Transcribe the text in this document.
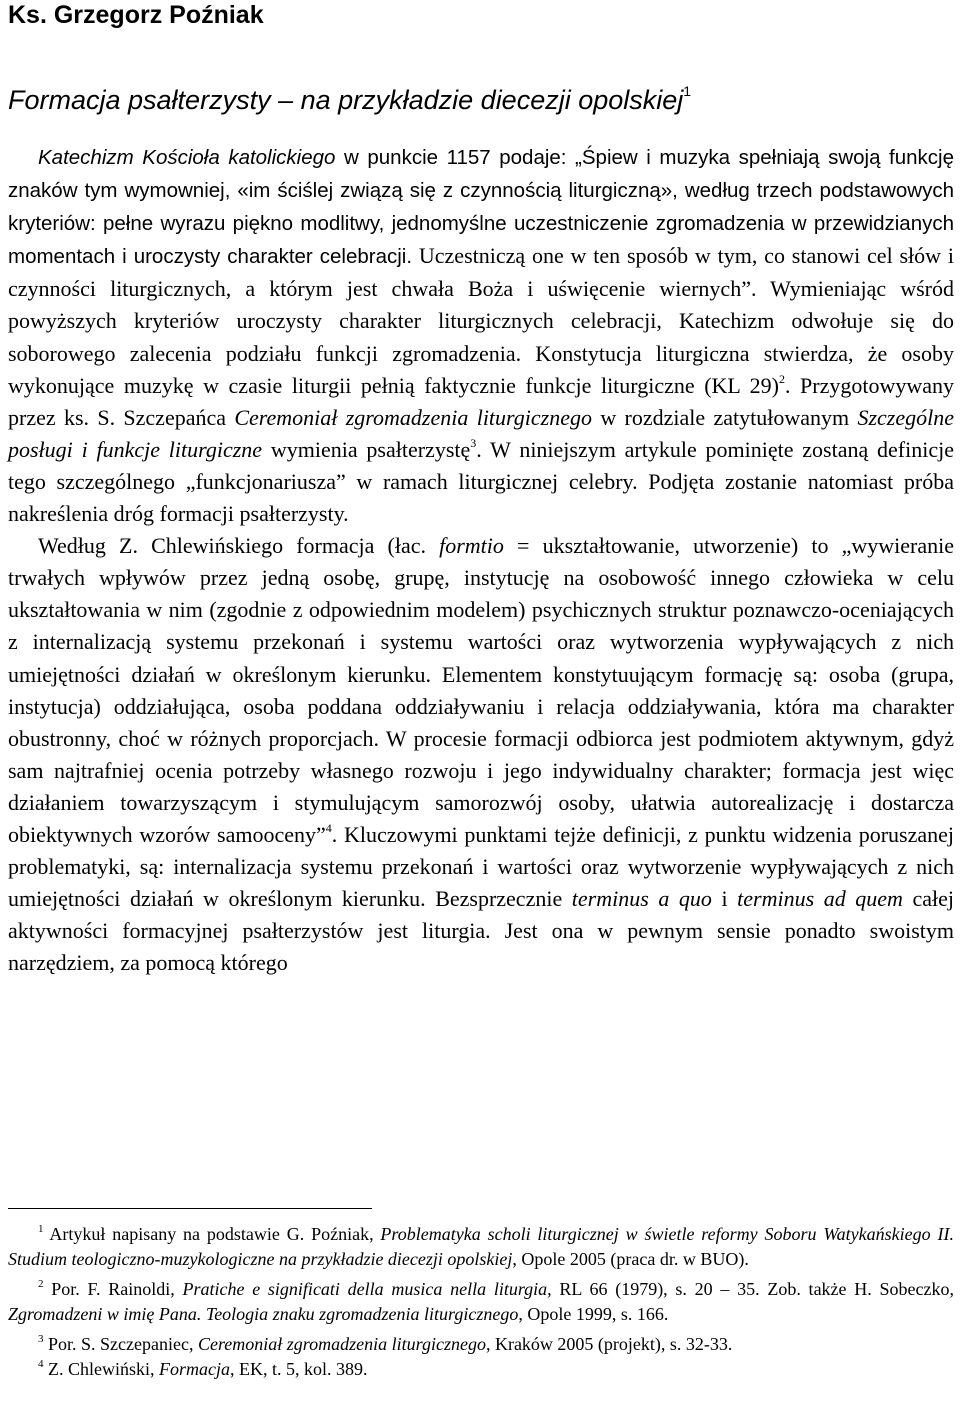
Ks. Grzegorz Poźniak
Formacja psałterzysty – na przykładzie diecezji opolskiej$^1$

Katechizm Kościoła katolickiego w punkcie 1157 podaje: „Śpiew i muzyka spełniają swoją funkcję znaków tym wymowniej, «im ściślej związą się z czynnością liturgiczną», według trzech podstawowych kryteriów: pełne wyrazu piękno modlitwy, jednomyślne uczestniczenie zgromadzenia w przewidzianych momentach i uroczysty charakter celebracji. Uczestniczą one w ten sposób w tym, co stanowi cel słów i czynności liturgicznych, a którym jest chwała Boża i uświęcenie wiernych”. Wymieniając wśród powyższych kryteriów uroczysty charakter liturgicznych celebracji, Katechizm odwołuje się do soborowego zalecenia podziału funkcji zgromadzenia. Konstytucja liturgiczna stwierdza, że osoby wykonujące muzykę w czasie liturgii pełnią faktycznie funkcje liturgiczne (KL 29)$^2$. Przygotowywany przez ks. S. Szczepańca Ceremoniał zgromadzenia liturgicznego w rozdziale zatytułowanym Szczególne posługi i funkcje liturgiczne wymienia psałterzystę$^3$. W niniejszym artykule pominięte zostaną definicje tego szczególnego „funkcjonariusza” w ramach liturgicznej celebry. Podjęta zostanie natomiast próba nakreślenia dróg formacji psałterzysty.

Według Z. Chlewińskiego formacja (łac. formtio = ukształtowanie, utworzenie) to „wywieranie trwałych wpływów przez jedną osobę, grupę, instytucję na osobowość innego człowieka w celu ukształtowania w nim (zgodnie z odpowiednim modelem) psychicznych struktur poznawczo-oceniających z internalizacją systemu przekonań i systemu wartości oraz wytworzenia wypływających z nich umiejętności działań w określonym kierunku. Elementem konstytuującym formację są: osoba (grupa, instytucja) oddziałująca, osoba poddana oddziaływaniu i relacja oddziaływania, która ma charakter obustronny, choć w różnych proporcjach. W procesie formacji odbiorca jest podmiotem aktywnym, gdyż sam najtrafniej ocenia potrzeby własnego rozwoju i jego indywidualny charakter; formacja jest więc działaniem towarzyszącym i stymulującym samorozwój osoby, ułatwia autorealizację i dostarcza obiektywnych wzorów samooceny”$^4$. Kluczowymi punktami tejże definicji, z punktu widzenia poruszanej problematyki, są: internalizacja systemu przekonań i wartości oraz wytworzenie wypływających z nich umiejętności działań w określonym kierunku. Bezsprzecznie terminus a quo i terminus ad quem całej aktywności formacyjnej psałterzystów jest liturgia. Jest ona w pewnym sensie ponadto swoistym narzędziem, za pomocą którego

$^1$ Artykuł napisany na podstawie G. Poźniak, Problematyka scholi liturgicznej w świetle reformy Soboru Watykańskiego II. Studium teologiczno-muzykologiczne na przykładzie diecezji opolskiej, Opole 2005 (praca dr. w BUO).

$^2$ Por. F. Rainoldi, Pratiche e significati della musica nella liturgia, RL 66 (1979), s. 20 – 35. Zob. także H. Sobeczko, Zgromadzeni w imię Pana. Teologia znaku zgromadzenia liturgicznego, Opole 1999, s. 166.

$^3$ Por. S. Szczepaniec, Ceremoniał zgromadzenia liturgicznego, Kraków 2005 (projekt), s. 32-33.

$^4$ Z. Chlewiński, Formacja, EK, t. 5, kol. 389.
